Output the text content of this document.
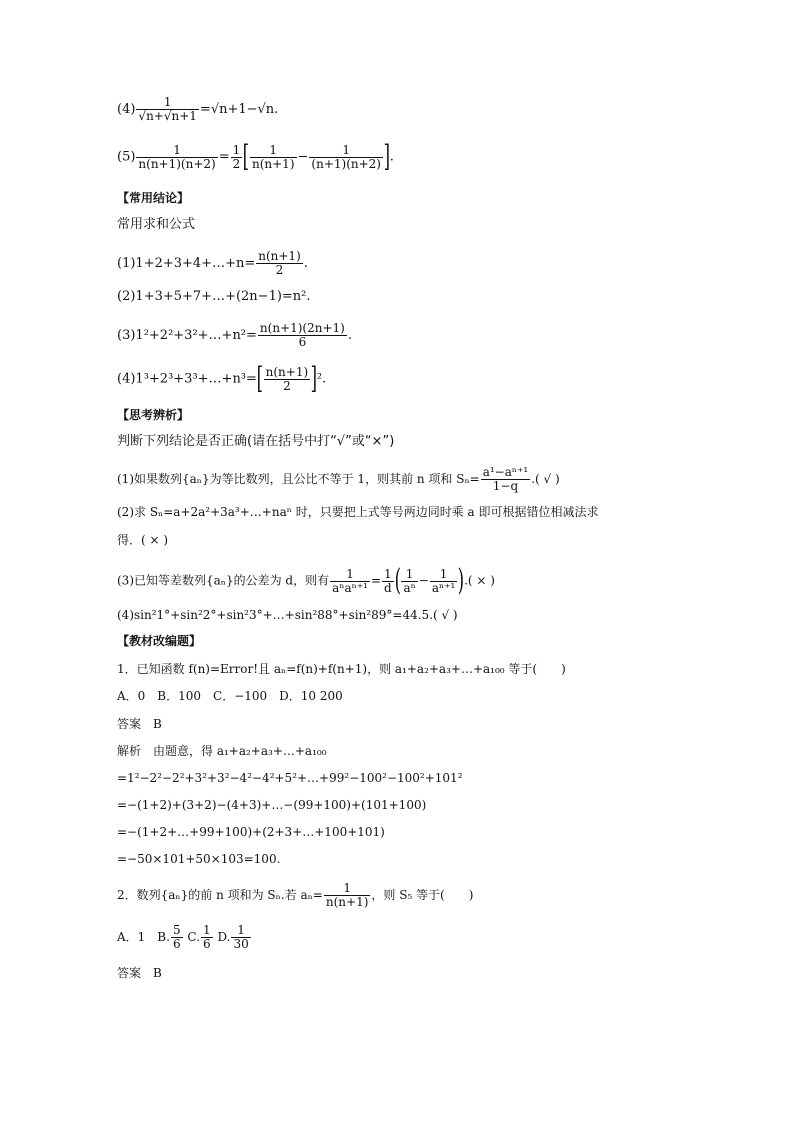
$(4) \frac{1}{√n+√n+1} =√n+1-√n$.
$(5) \frac{1}{n(n+1)(n+2)} = \frac{1}{2}$ [ $\frac{1}{n(n+1)} - \frac{1}{(n+1)(n+2)}$ ].
【常用结论】
常用求和公式
(1)1+2+3+4+…+n= $\frac{n(n+1)}{2}$ .
(2)1+3+5+7+…+(2n−1)=n².
(3)1²+2²+3²+…+n²= $\frac{n(n+1)(2n+1)}{6}$ .
(4)1³+2³+3³+…+n³=[ $\frac{n(n+1)}{2} ]^2$.
【思考辨析】
判断下列结论是否正确(请在括号中打“√”或“×”)
(1)如果数列{aₙ}为等比数列，且公比不等于 1，则其前 n 项和 $S_n= \frac{\text{a¹−aⁿ⁺¹}}{1-q}$ .( √ )
(2)求 Sₙ=a+2a²+3a³+…+naⁿ 时，只要把上式等号两边同时乘 a 即可根据错位相减法求
得．( × )
(3)已知等差数列{aₙ}的公差为 d，则有 $\frac{1}{\text{aⁿaⁿ⁺¹}} = \frac{1}{d}$ ( $\frac{1}{\text{aⁿ}} - \frac{1}{\text{aⁿ⁺¹}}$ ).( × )
(4)sin²1°+sin²2°+sin²3°+…+sin²88°+sin²89°=44.5.( √ )
【教材改编题】
1．已知函数 f(n)=Error!且 aₙ=f(n)+f(n+1)，则 a₁+a₂+a₃+…+a₁₀₀ 等于(　　)
A．0　B．100　C．−100　D．10 200
答案　B
解析　由题意，得 a₁+a₂+a₃+…+a₁₀₀
=1²−2²−2²+3²+3²−4²−4²+5²+…+99²−100²−100²+101²
=−(1+2)+(3+2)−(4+3)+…−(99+100)+(101+100)
=−(1+2+…+99+100)+(2+3+…+100+101)
=−50×101+50×103=100.
2．数列{aₙ}的前 n 项和为 Sₙ.若 $a_n= \frac{1}{n(n+1)}$ ，则 S₅ 等于(　　)
A．1　B. $\frac{5}{6} C$. $\frac{1}{6} D$. $\frac{1}{30}$
答案　B
